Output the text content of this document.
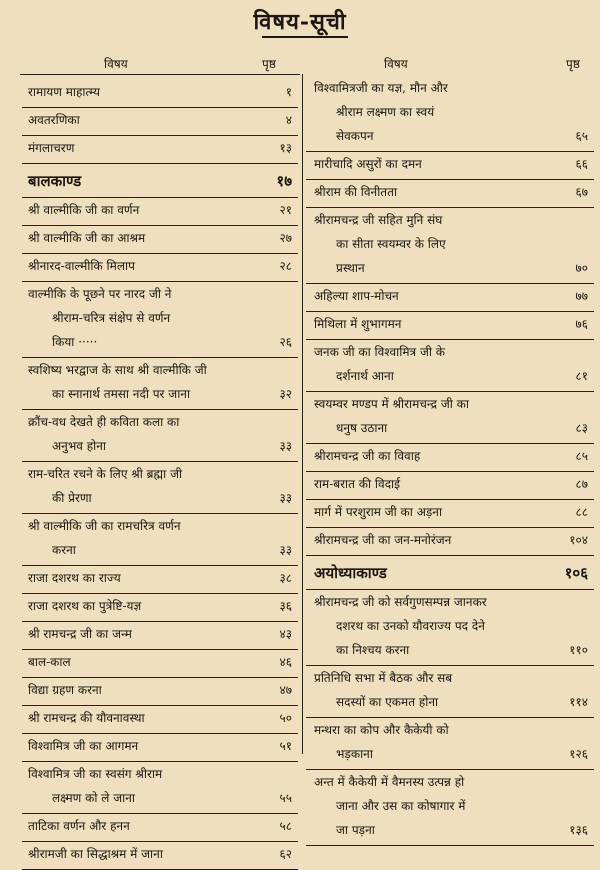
विषय-सूची
विषय	पृष्ठ	विषय	पृष्ठ
रामायण माहात्म्य	१
अवतरणिका	४
मंगलाचरण	१३
बालकाण्ड	१७
श्री वाल्मीकि जी का वर्णन	२१
श्री वाल्मीकि जी का आश्रम	२७
श्रीनारद-वाल्मीकि मिलाप	२८
वाल्मीकि के पूछने पर नारद जी ने
श्रीराम-चरित्र संक्षेप से वर्णन
किया ·····	२६
स्वशिष्य भरद्वाज के साथ श्री वाल्मीकि जी
का स्नानार्थ तमसा नदी पर जाना	३२
क्रौंच-वध देखते ही कविता कला का
अनुभव होना	३३
राम-चरित रचने के लिए श्री ब्रह्मा जी
की प्रेरणा	३३
श्री वाल्मीकि जी का रामचरित्र वर्णन
करना	३३
राजा दशरथ का राज्य	३८
राजा दशरथ का पुत्रेष्टि-यज्ञ	३६
श्री रामचन्द्र जी का जन्म	४३
बाल-काल	४६
विद्या ग्रहण करना	४७
श्री रामचन्द्र की यौवनावस्था	५०
विश्वामित्र जी का आगमन	५१
विश्वामित्र जी का स्वसंग श्रीराम
लक्ष्मण को ले जाना	५५
ताटिका वर्णन और हनन	५८
श्रीरामजी का सिद्धाश्रम में जाना	६२
विश्वामित्रजी का यज्ञ, मौन और
श्रीराम लक्ष्मण का स्वयं
सेवकपन	६५
मारीचादि असुरों का दमन	६६
श्रीराम की विनीतता	६७
श्रीरामचन्द्र जी सहित मुनि संघ
का सीता स्वयम्वर के लिए
प्रस्थान	७०
अहिल्या शाप-मोचन	७७
मिथिला में शुभागमन	७६
जनक जी का विश्वामित्र जी के
दर्शनार्थ आना	८१
स्वयम्वर मण्डप में श्रीरामचन्द्र जी का
धनुष उठाना	८३
श्रीरामचन्द्र जी का विवाह	८५
राम-बरात की विदाई	८७
मार्ग में परशुराम जी का अड़ना	८८
श्रीरामचन्द्र जी का जन-मनोरंजन	१०४
अयोध्याकाण्ड	१०६
श्रीरामचन्द्र जी को सर्वगुणसम्पन्न जानकर
दशरथ का उनको यौवराज्य पद देने
का निश्चय करना	११०
प्रतिनिधि सभा में बैठक और सब
सदस्यों का एकमत होना	११४
मन्थरा का कोप और कैकेयी को
भड़काना	१२६
अन्त में कैकेयी में वैमनस्य उत्पन्न हो
जाना और उस का कोषागार में
जा पड़ना	१३६
